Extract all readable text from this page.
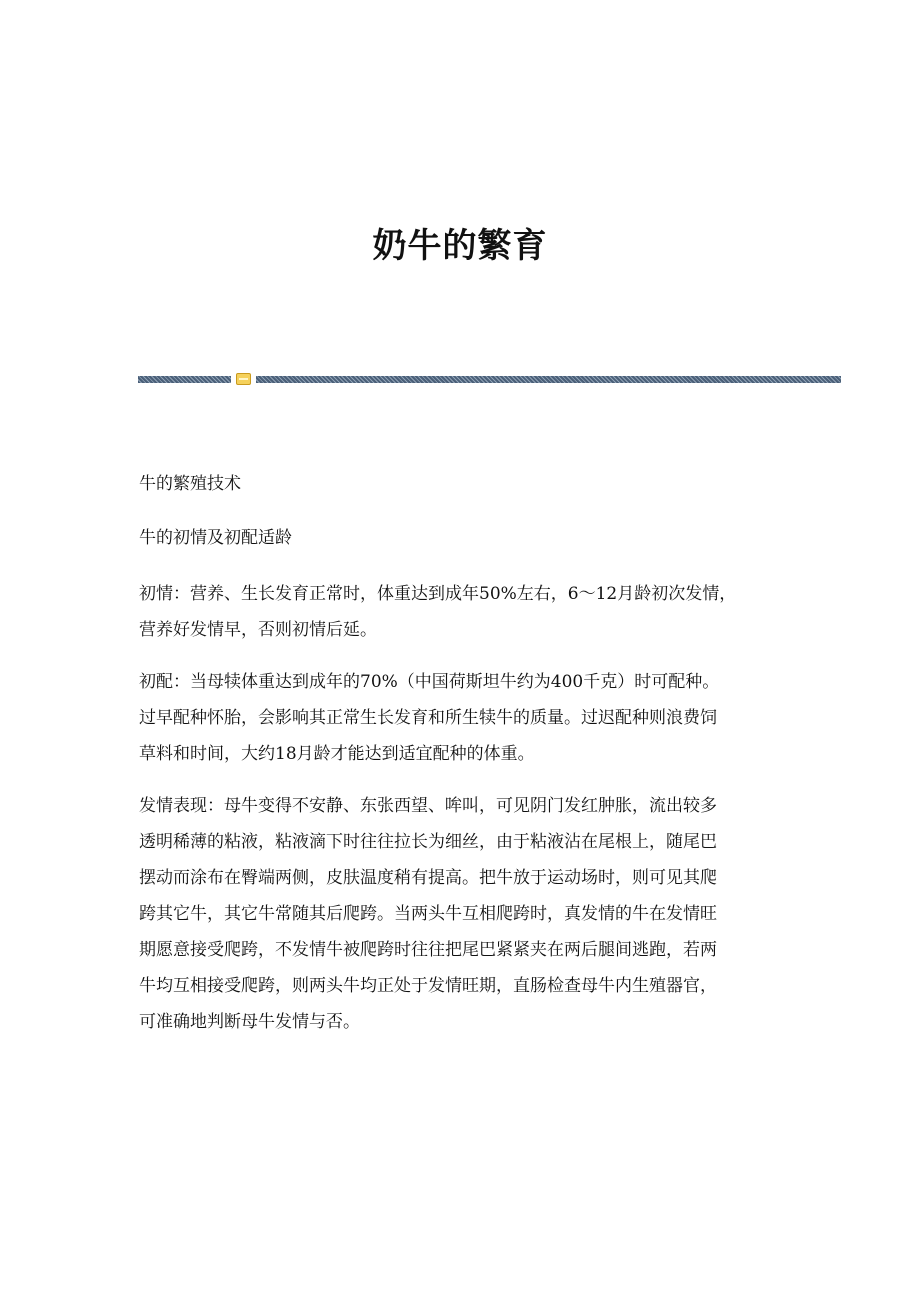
奶牛的繁育

牛的繁殖技术

牛的初情及初配适龄

初情：营养、生长发育正常时，体重达到成年50%左右，6～12月龄初次发情，
营养好发情早，否则初情后延。

初配：当母犊体重达到成年的70%（中国荷斯坦牛约为400千克）时可配种。
过早配种怀胎，会影响其正常生长发育和所生犊牛的质量。过迟配种则浪费饲
草料和时间，大约18月龄才能达到适宜配种的体重。

发情表现：母牛变得不安静、东张西望、哞叫，可见阴门发红肿胀，流出较多
透明稀薄的粘液，粘液滴下时往往拉长为细丝，由于粘液沾在尾根上，随尾巴
摆动而涂布在臀端两侧，皮肤温度稍有提高。把牛放于运动场时，则可见其爬
跨其它牛，其它牛常随其后爬跨。当两头牛互相爬跨时，真发情的牛在发情旺
期愿意接受爬跨，不发情牛被爬跨时往往把尾巴紧紧夹在两后腿间逃跑，若两
牛均互相接受爬跨，则两头牛均正处于发情旺期，直肠检查母牛内生殖器官，
可准确地判断母牛发情与否。
